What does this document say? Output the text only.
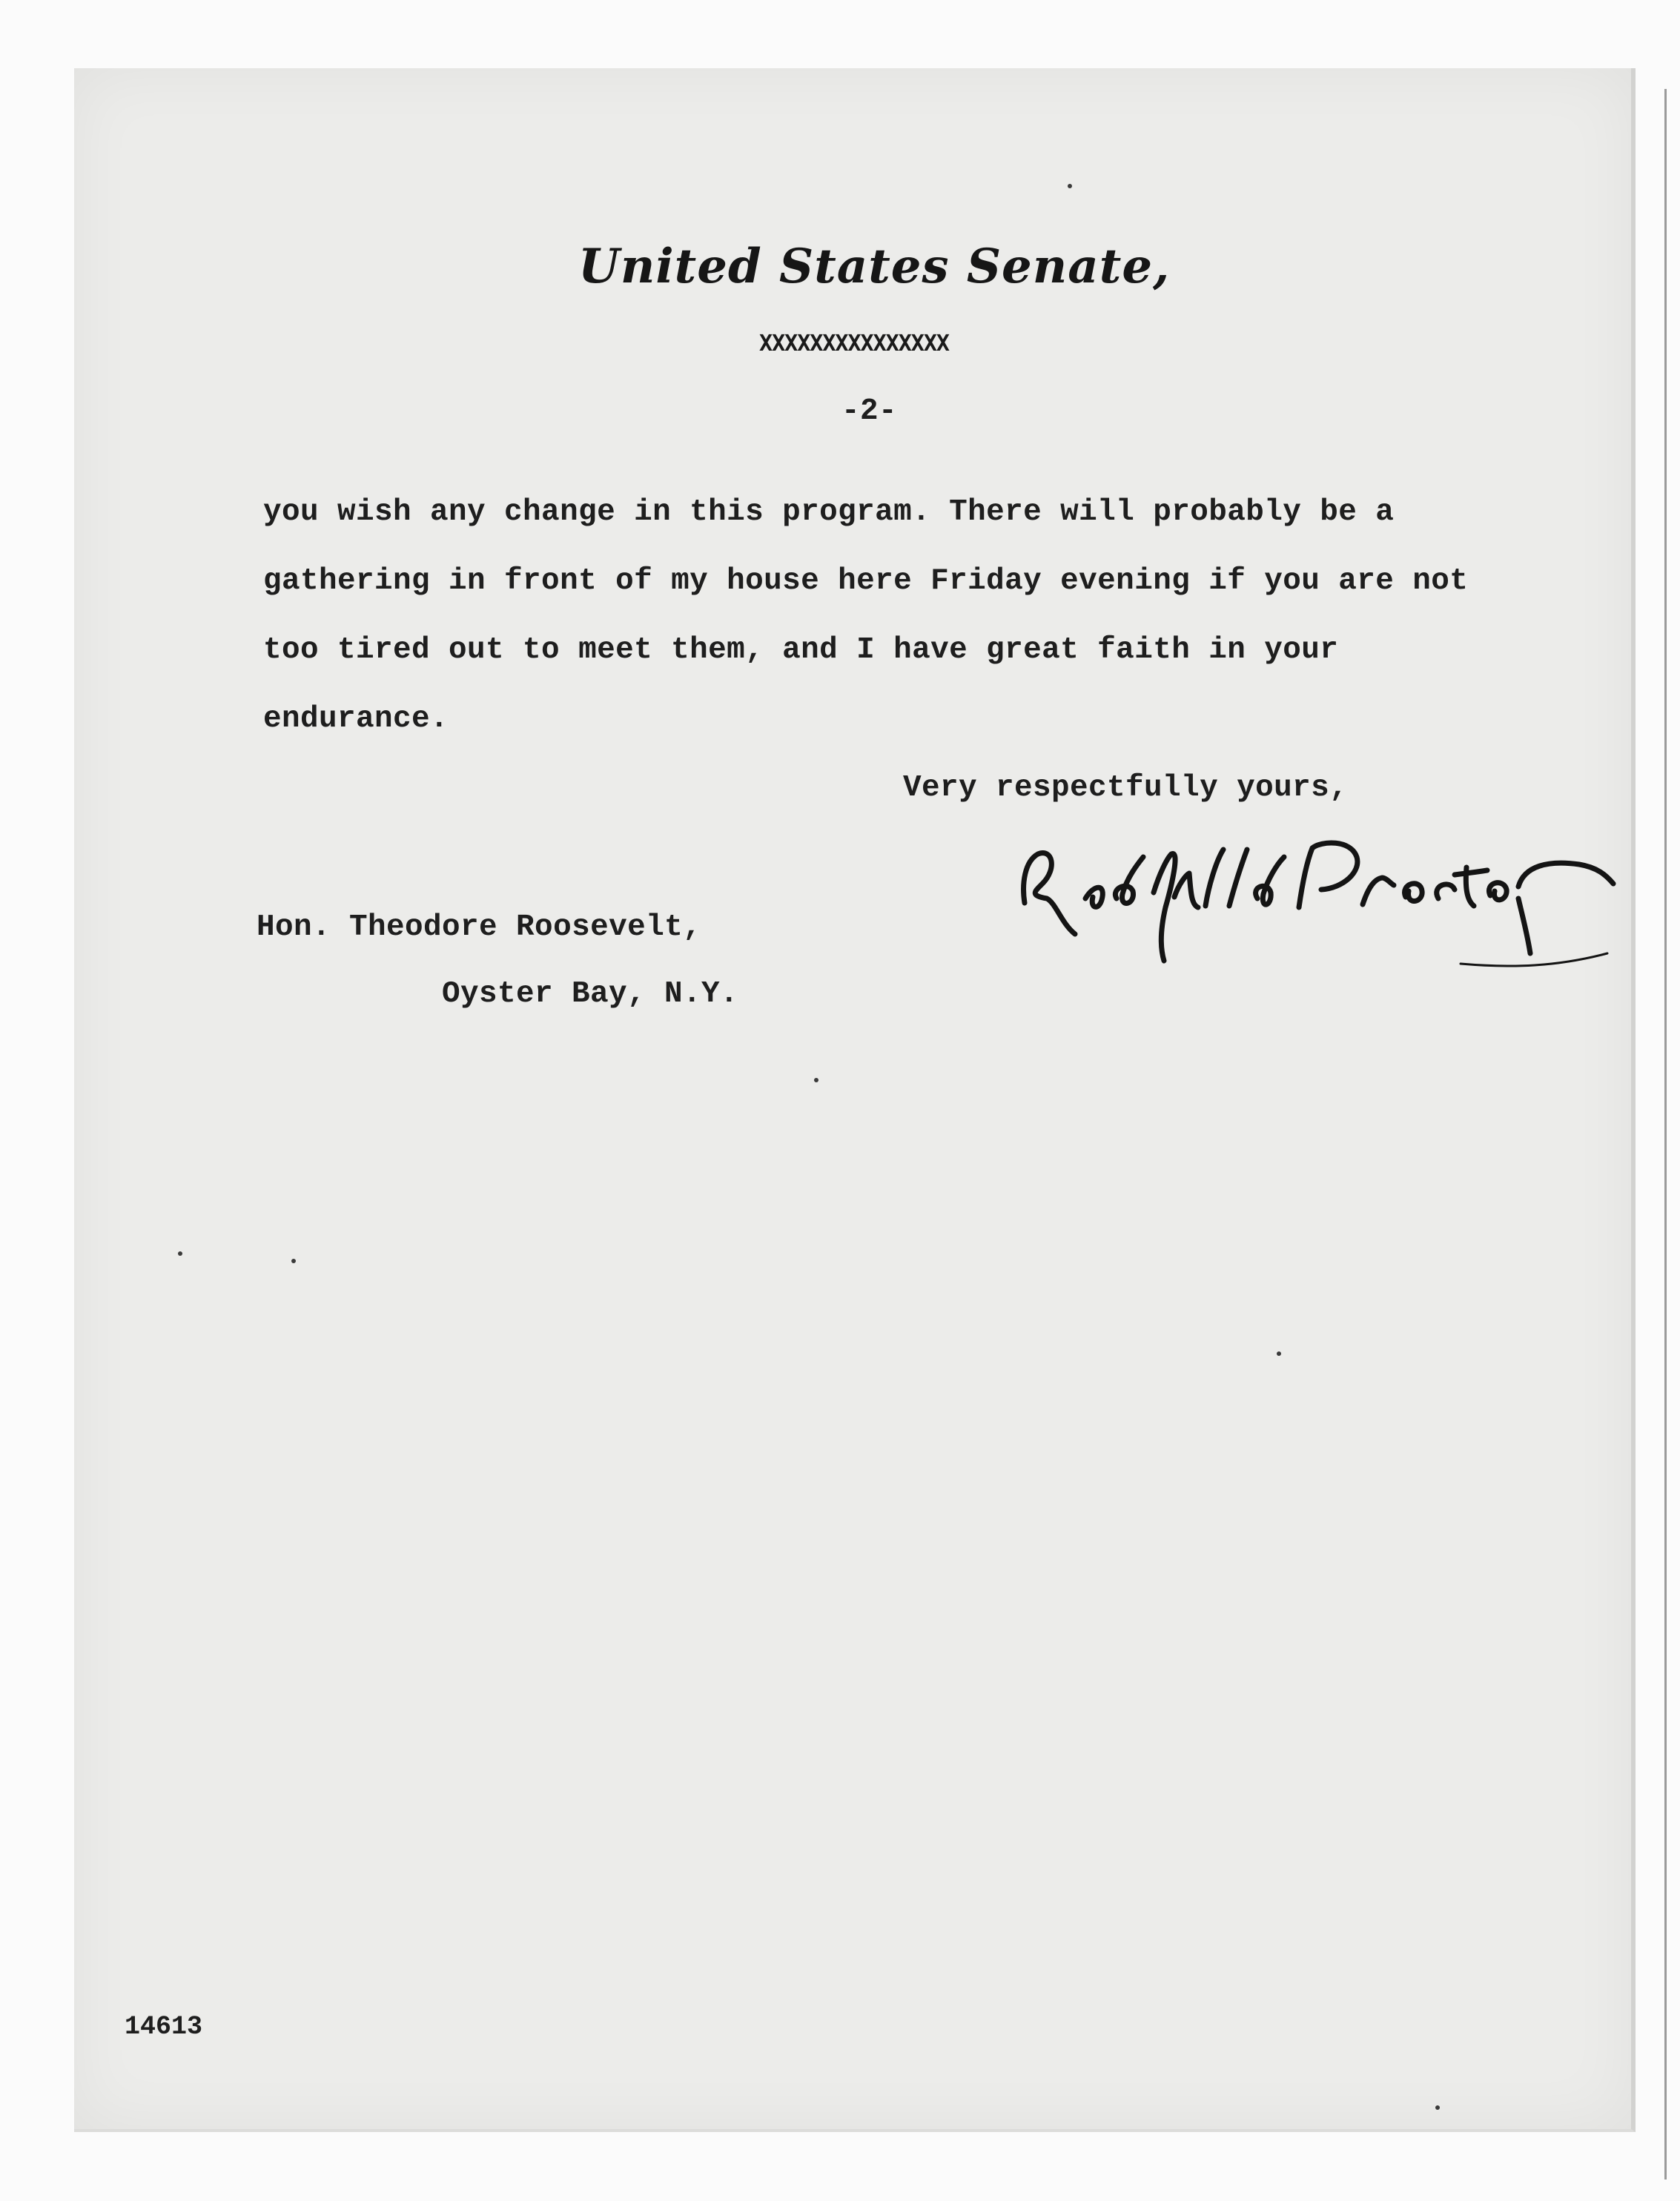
United States Senate,
XXXXXXXXXXXXXXX
-2-
you wish any change in this program. There will probably be a
gathering in front of my house here Friday evening if you are not
too tired out to meet them, and I have great faith in your
endurance.
Very respectfully yours,
Hon. Theodore Roosevelt,
Oyster Bay, N.Y.
14613
